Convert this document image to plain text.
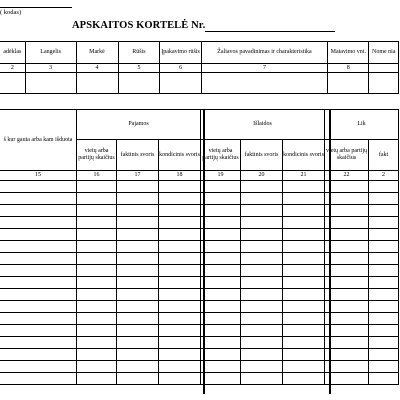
( kodas)
APSKAITOS KORTELĖ Nr.
adėklas	Langelis	Markė	Rūšis	Įpakavimo rūšis	Žaliavos pavadinimas ir charakteristika	Matavimo vnt.	Nome nia
2	3	4	5	6	7	8	

š kur gauta arba kam išduota	Pajamos			Išlaidos			Lik	
	vietų arba partijų skaičius	faktinis svoris	kondicinis svoris	vietų arba partijų skaičius	faktinis svoris	kondicinis svoris	vietų arba partijų skaičius	fakt
15	16	17	18	19	20	21	22	2
